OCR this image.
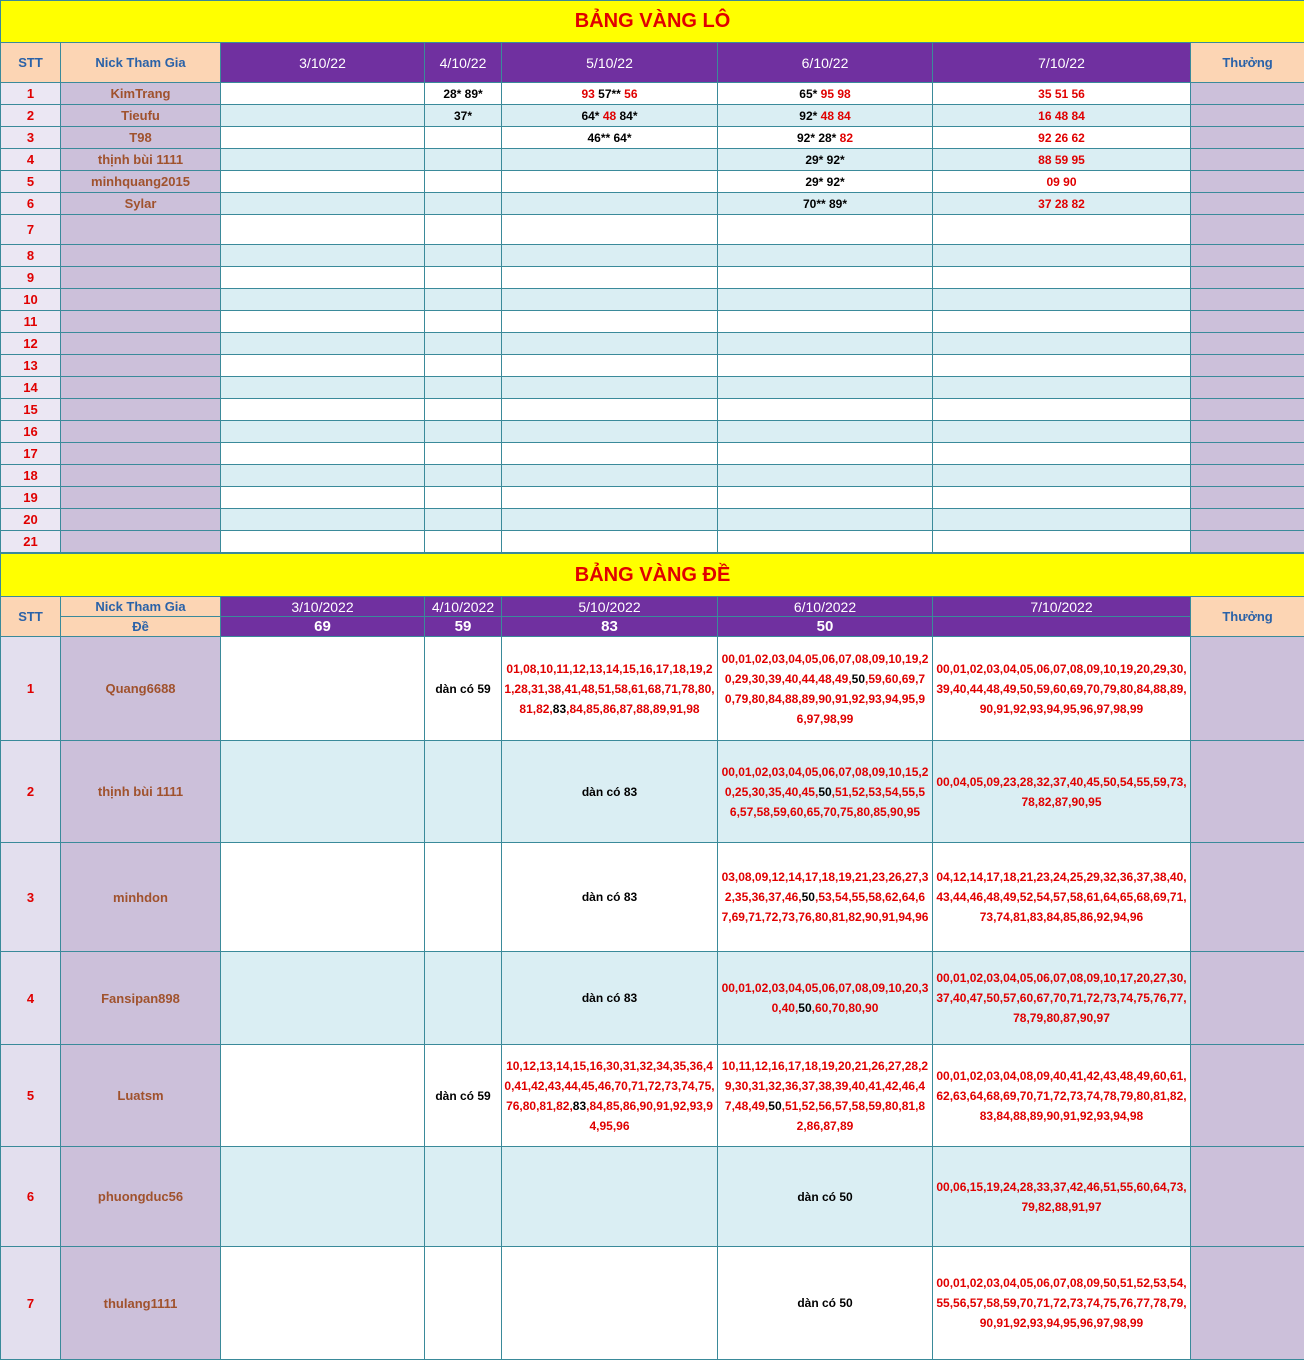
BẢNG VÀNG LÔ							
STT	Nick Tham Gia	3/10/22	4/10/22	5/10/22	6/10/22	7/10/22	Thưởng
1	KimTrang		28* 89*	93 57** 56	65* 95 98	35 51 56	
2	Tieufu		37*	64* 48 84*	92* 48 84	16 48 84	
3	T98			46** 64*	92* 28* 82	92 26 62	
4	thịnh bùi 1111				29* 92*	88 59 95	
5	minhquang2015				29* 92*	09 90	
6	Sylar				70** 89*	37 28 82	
7							
8							
9							
10							
11							
12							
13							
14							
15							
16							
17							
18							
19							
20							
21							
BẢNG VÀNG ĐỀ							
STT	Nick Tham Gia	3/10/2022	4/10/2022	5/10/2022	6/10/2022	7/10/2022	Thưởng
	Đề	69	59	83	50		
1	Quang6688		dàn có 59	01,08,10,11,12,13,14,15,16,17,18,19,21,28,31,38,41,48,51,58,61,68,71,78,80,81,82,83,84,85,86,87,88,89,91,98	00,01,02,03,04,05,06,07,08,09,10,19,20,29,30,39,40,44,48,49,50,59,60,69,70,79,80,84,88,89,90,91,92,93,94,95,96,97,98,99	00,01,02,03,04,05,06,07,08,09,10,19,20,29,30,39,40,44,48,49,50,59,60,69,70,79,80,84,88,89,90,91,92,93,94,95,96,97,98,99	
2	thịnh bùi 1111			dàn có 83	00,01,02,03,04,05,06,07,08,09,10,15,20,25,30,35,40,45,50,51,52,53,54,55,56,57,58,59,60,65,70,75,80,85,90,95	00,04,05,09,23,28,32,37,40,45,50,54,55,59,73,78,82,87,90,95	
3	minhdon			dàn có 83	03,08,09,12,14,17,18,19,21,23,26,27,32,35,36,37,46,50,53,54,55,58,62,64,67,69,71,72,73,76,80,81,82,90,91,94,96	04,12,14,17,18,21,23,24,25,29,32,36,37,38,40,43,44,46,48,49,52,54,57,58,61,64,65,68,69,71,73,74,81,83,84,85,86,92,94,96	
4	Fansipan898			dàn có 83	00,01,02,03,04,05,06,07,08,09,10,20,30,40,50,60,70,80,90	00,01,02,03,04,05,06,07,08,09,10,17,20,27,30,37,40,47,50,57,60,67,70,71,72,73,74,75,76,77,78,79,80,87,90,97	
5	Luatsm		dàn có 59	10,12,13,14,15,16,30,31,32,34,35,36,40,41,42,43,44,45,46,70,71,72,73,74,75,76,80,81,82,83,84,85,86,90,91,92,93,94,95,96	10,11,12,16,17,18,19,20,21,26,27,28,29,30,31,32,36,37,38,39,40,41,42,46,47,48,49,50,51,52,56,57,58,59,80,81,82,86,87,89	00,01,02,03,04,08,09,40,41,42,43,48,49,60,61,62,63,64,68,69,70,71,72,73,74,78,79,80,81,82,83,84,88,89,90,91,92,93,94,98	
6	phuongduc56				dàn có 50	00,06,15,19,24,28,33,37,42,46,51,55,60,64,73,79,82,88,91,97	
7	thulang1111				dàn có 50	00,01,02,03,04,05,06,07,08,09,50,51,52,53,54,55,56,57,58,59,70,71,72,73,74,75,76,77,78,79,90,91,92,93,94,95,96,97,98,99	
